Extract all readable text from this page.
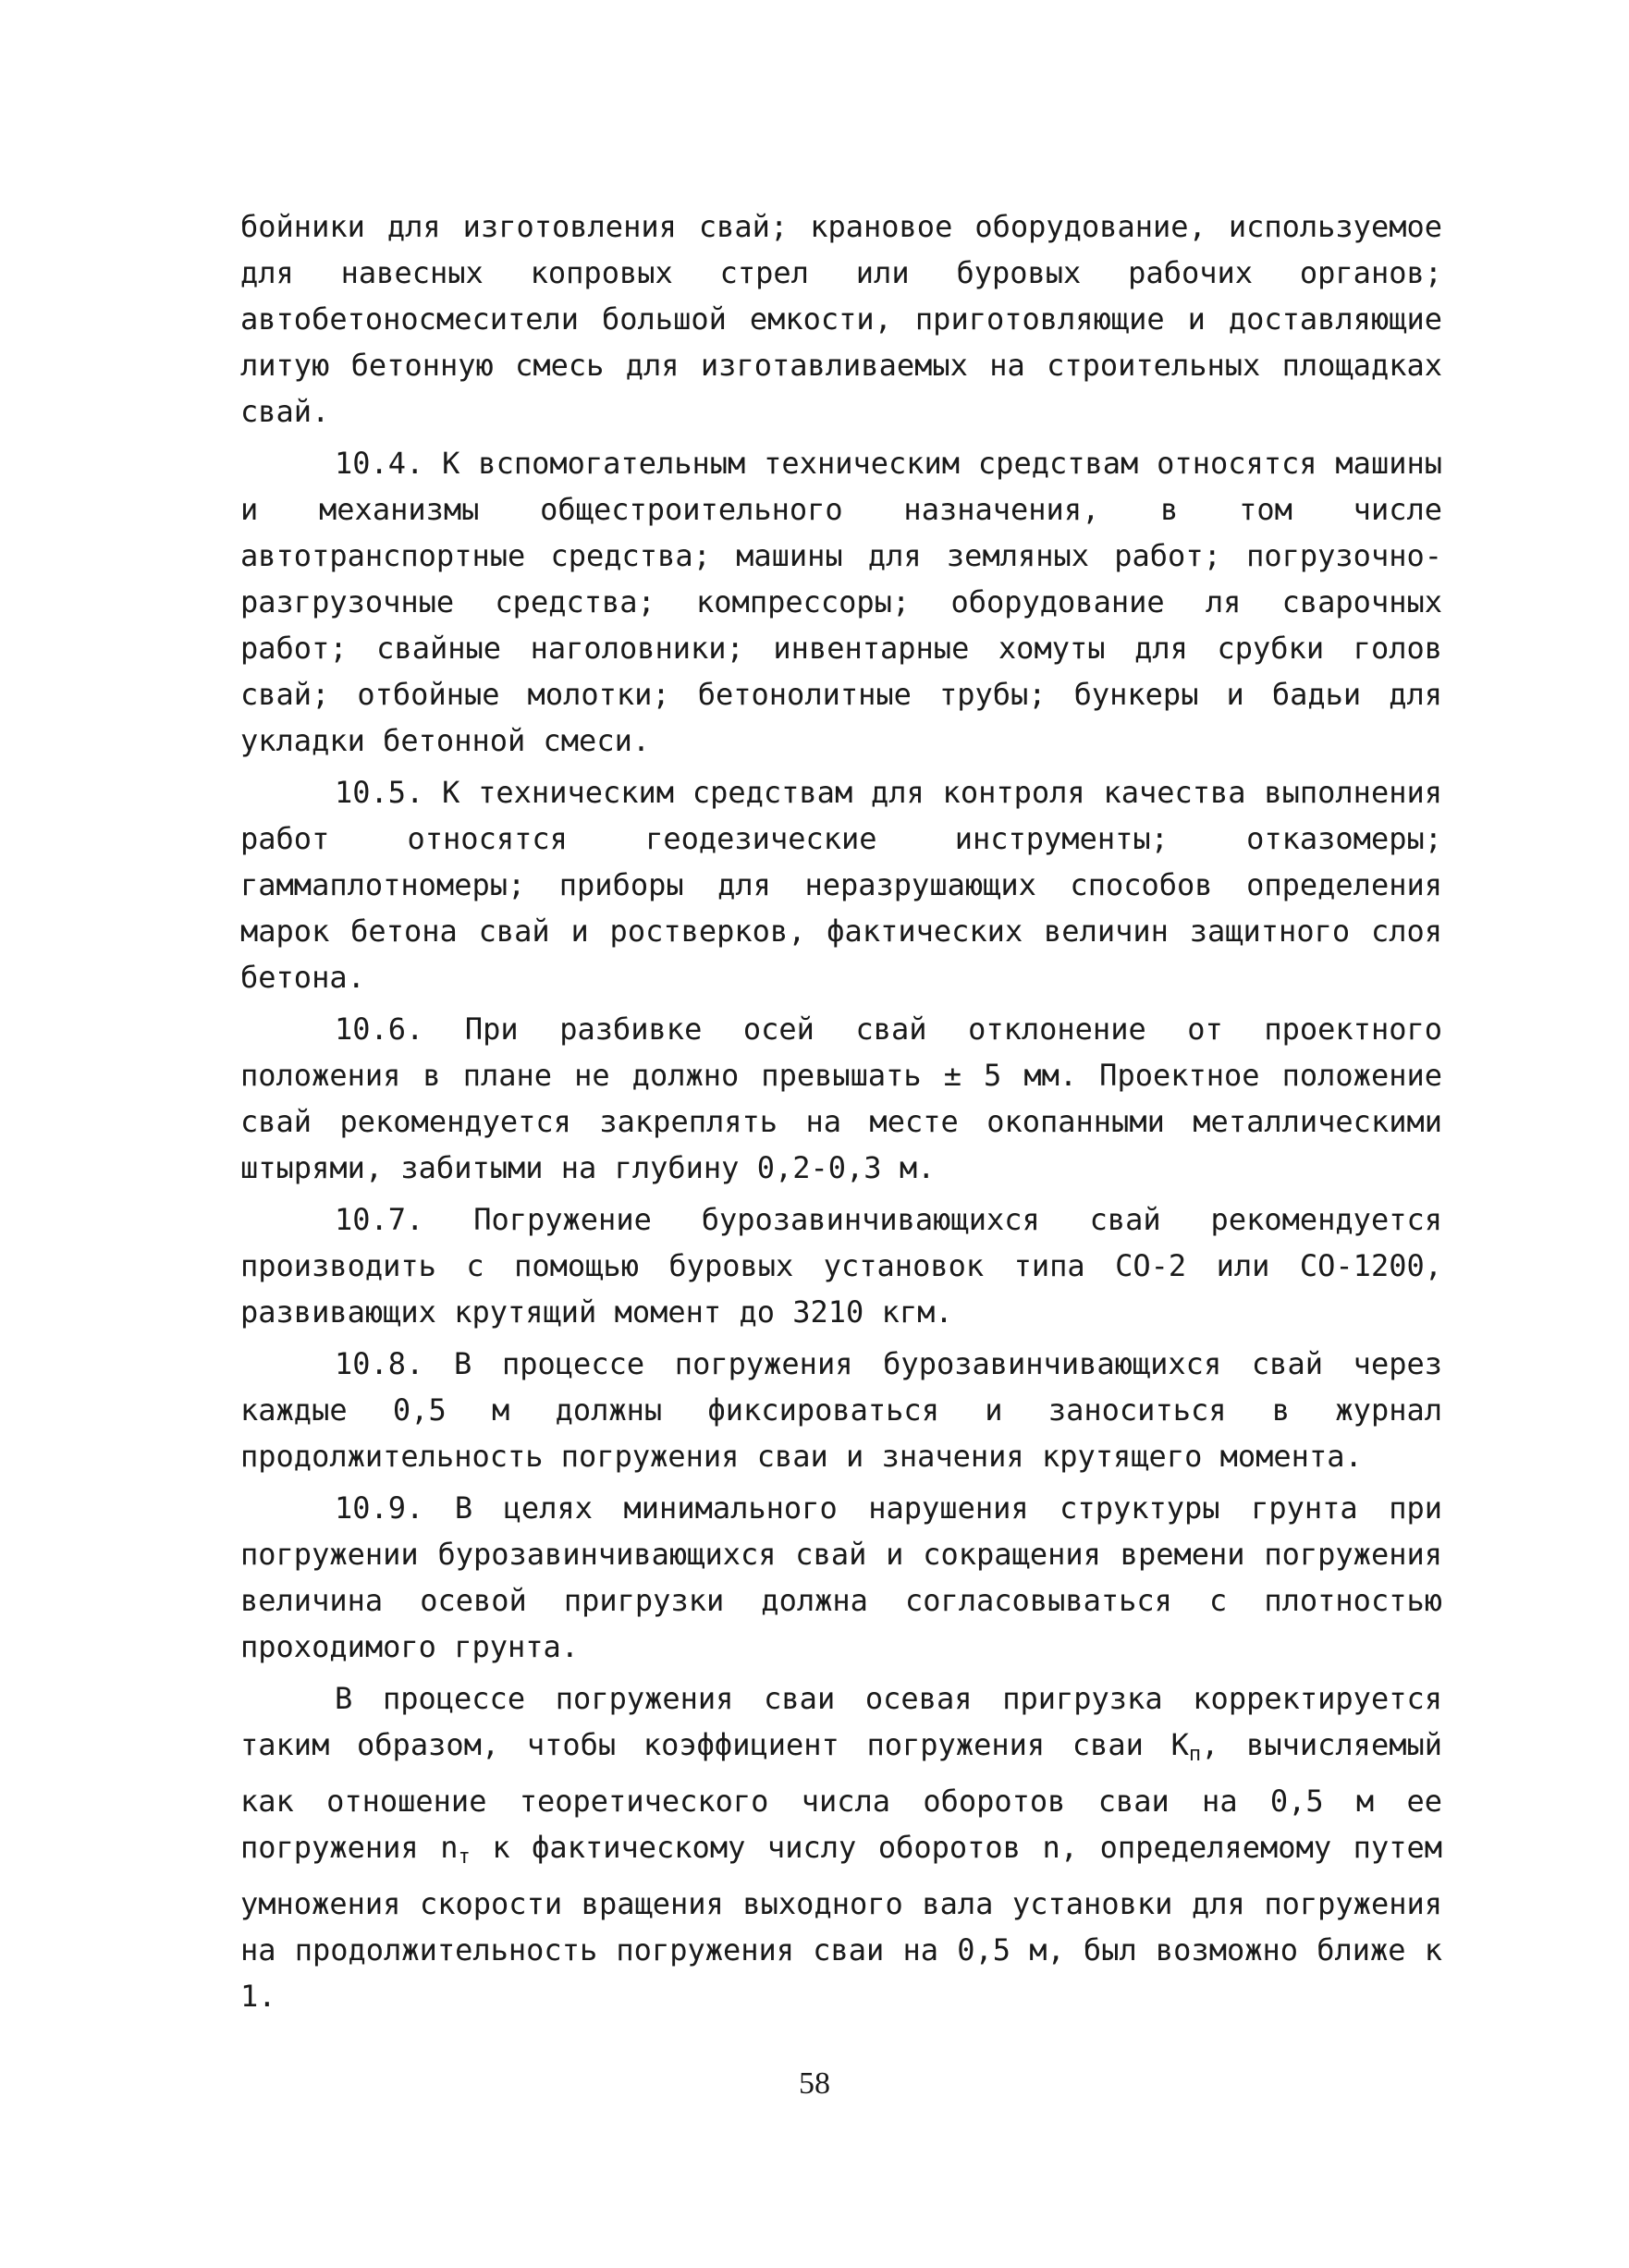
бойники для изготовления свай; крановое оборудование, используемое для навесных копровых стрел или буровых рабочих органов; автобетоносмесители большой емкости, приготовляющие и доставляющие литую бетонную смесь для изготавливаемых на строительных площадках свай.

10.4. К вспомогательным техническим средствам относятся машины и механизмы общестроительного назначения, в том числе автотранспортные средства; машины для земляных работ; погрузочно-разгрузочные средства; компрессоры; оборудование ля сварочных работ; свайные наголовники; инвентарные хомуты для срубки голов свай; отбойные молотки; бетонолитные трубы; бункеры и бадьи для укладки бетонной смеси.

10.5. К техническим средствам для контроля качества выполнения работ относятся геодезические инструменты; отказомеры; гаммаплотномеры; приборы для неразрушающих способов определения марок бетона свай и ростверков, фактических величин защитного слоя бетона.

10.6. При разбивке осей свай отклонение от проектного положения в плане не должно превышать ± 5 мм. Проектное положение свай рекомендуется закреплять на месте окопанными металлическими штырями, забитыми на глубину 0,2-0,3 м.

10.7. Погружение бурозавинчивающихся свай рекомендуется производить с помощью буровых установок типа СО-2 или СО-1200, развивающих крутящий момент до 3210 кгм.

10.8. В процессе погружения бурозавинчивающихся свай через каждые 0,5 м должны фиксироваться и заноситься в журнал продолжительность погружения сваи и значения крутящего момента.

10.9. В целях минимального нарушения структуры грунта при погружении бурозавинчивающихся свай и сокращения времени погружения величина осевой пригрузки должна согласовываться с плотностью проходимого грунта.

В процессе погружения сваи осевая пригрузка корректируется таким образом, чтобы коэффициент погружения сваи $К_п$, вычисляемый как отношение теоретического числа оборотов сваи на 0,5 м ее погружения $n_т$ к фактическому числу оборотов n, определяемому путем умножения скорости вращения выходного вала установки для погружения на продолжительность погружения сваи на 0,5 м, был возможно ближе к 1.

58
